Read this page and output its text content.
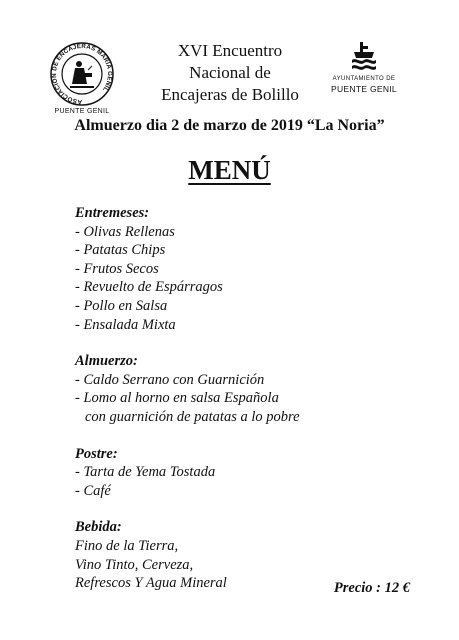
ASOCIACION DE ENCAJERAS MARIA GENIL
PUENTE GENIL
XVI Encuentro
Nacional de
Encajeras de Bolillo
AYUNTAMIENTO DE
PUENTE GENIL
Almuerzo dia 2 de marzo de 2019 “La Noria”
MENÚ
Entremeses:
- Olivas Rellenas
- Patatas Chips
- Frutos Secos
- Revuelto de Espárragos
- Pollo en Salsa
- Ensalada Mixta
Almuerzo:
- Caldo Serrano con Guarnición
- Lomo al horno en salsa Española
con guarnición de patatas a lo pobre
Postre:
- Tarta de Yema Tostada
- Café
Bebida:
Fino de la Tierra,
Vino Tinto, Cerveza,
Refrescos Y Agua Mineral	Precio : 12 €
